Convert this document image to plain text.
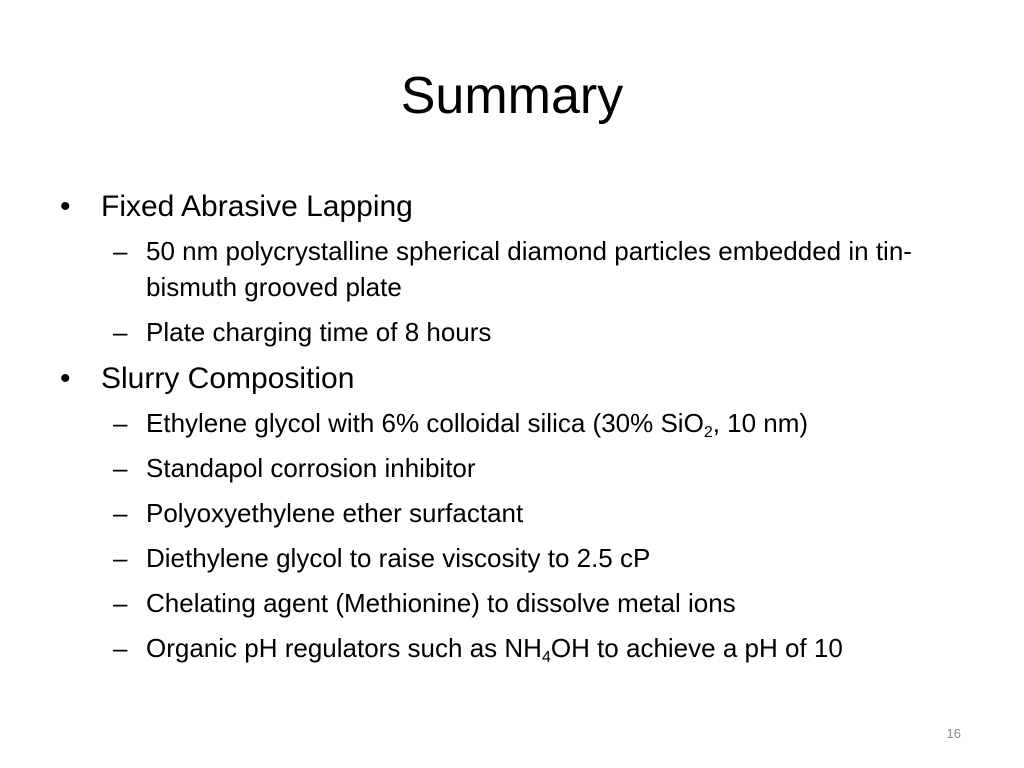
Summary
•	Fixed Abrasive Lapping
– 50 nm polycrystalline spherical diamond particles embedded in tin-bismuth grooved plate
– Plate charging time of 8 hours
•	Slurry Composition
– Ethylene glycol with 6% colloidal silica (30% SiO$_2$, 10 nm)
– Standapol corrosion inhibitor
– Polyoxyethylene ether surfactant
– Diethylene glycol to raise viscosity to 2.5 cP
– Chelating agent (Methionine) to dissolve metal ions
– Organic pH regulators such as $NH_4OH$ to achieve a pH of 10
16
